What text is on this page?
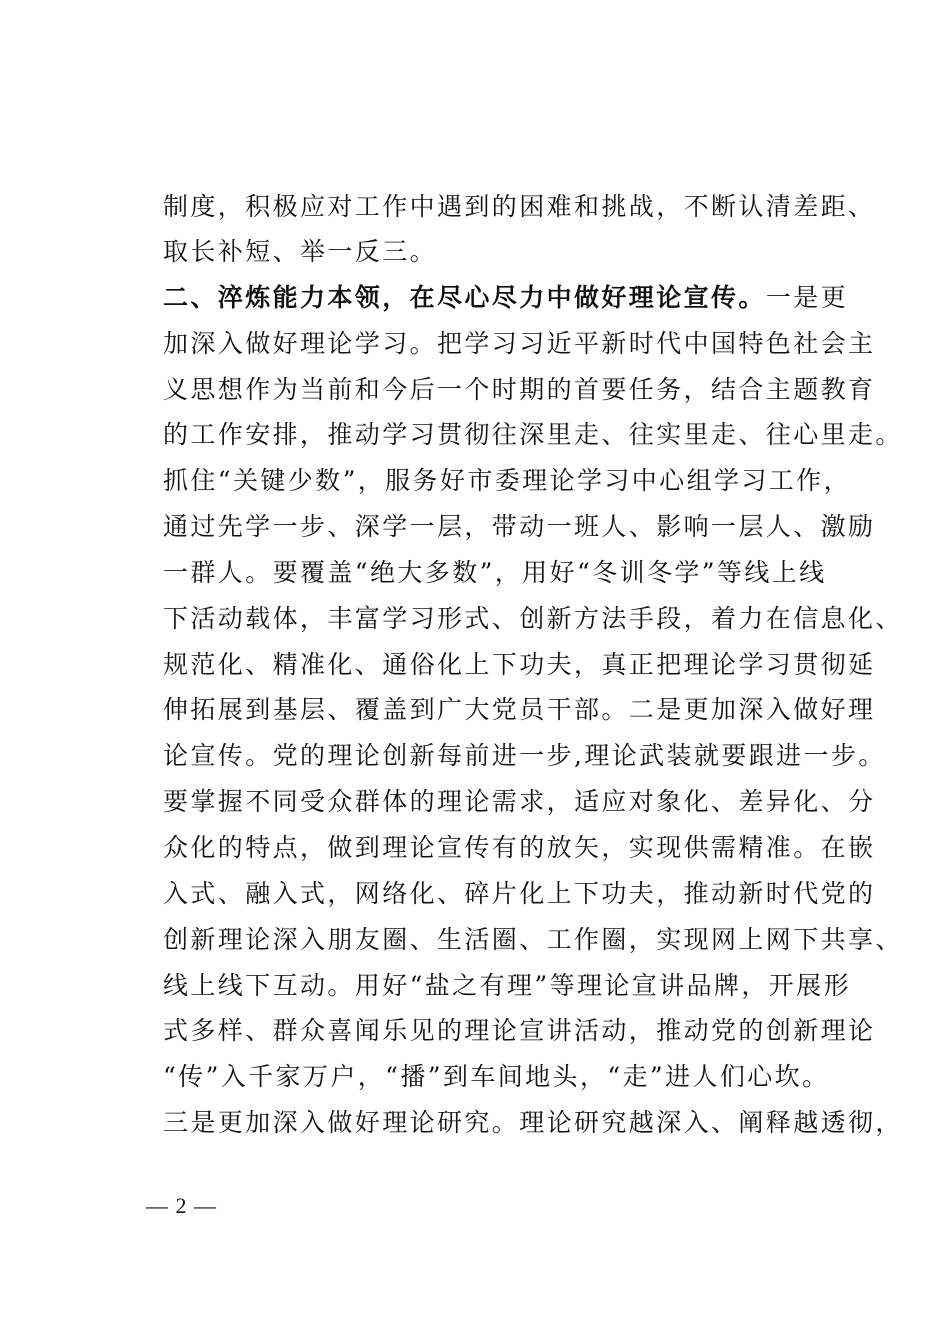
制度，积极应对工作中遇到的困难和挑战，不断认清差距、
取长补短、举一反三。
二、淬炼能力本领，在尽心尽力中做好理论宣传。一是更
加深入做好理论学习。把学习习近平新时代中国特色社会主
义思想作为当前和今后一个时期的首要任务，结合主题教育
的工作安排，推动学习贯彻往深里走、往实里走、往心里走。
抓住“关键少数”，服务好市委理论学习中心组学习工作，
通过先学一步、深学一层，带动一班人、影响一层人、激励
一群人。要覆盖“绝大多数”，用好“冬训冬学”等线上线
下活动载体，丰富学习形式、创新方法手段，着力在信息化、
规范化、精准化、通俗化上下功夫，真正把理论学习贯彻延
伸拓展到基层、覆盖到广大党员干部。二是更加深入做好理
论宣传。党的理论创新每前进一步,理论武装就要跟进一步。
要掌握不同受众群体的理论需求，适应对象化、差异化、分
众化的特点，做到理论宣传有的放矢，实现供需精准。在嵌
入式、融入式，网络化、碎片化上下功夫，推动新时代党的
创新理论深入朋友圈、生活圈、工作圈，实现网上网下共享、
线上线下互动。用好“盐之有理”等理论宣讲品牌，开展形
式多样、群众喜闻乐见的理论宣讲活动，推动党的创新理论
“传”入千家万户，“播”到车间地头，“走”进人们心坎。
三是更加深入做好理论研究。理论研究越深入、阐释越透彻，
— 2 —
